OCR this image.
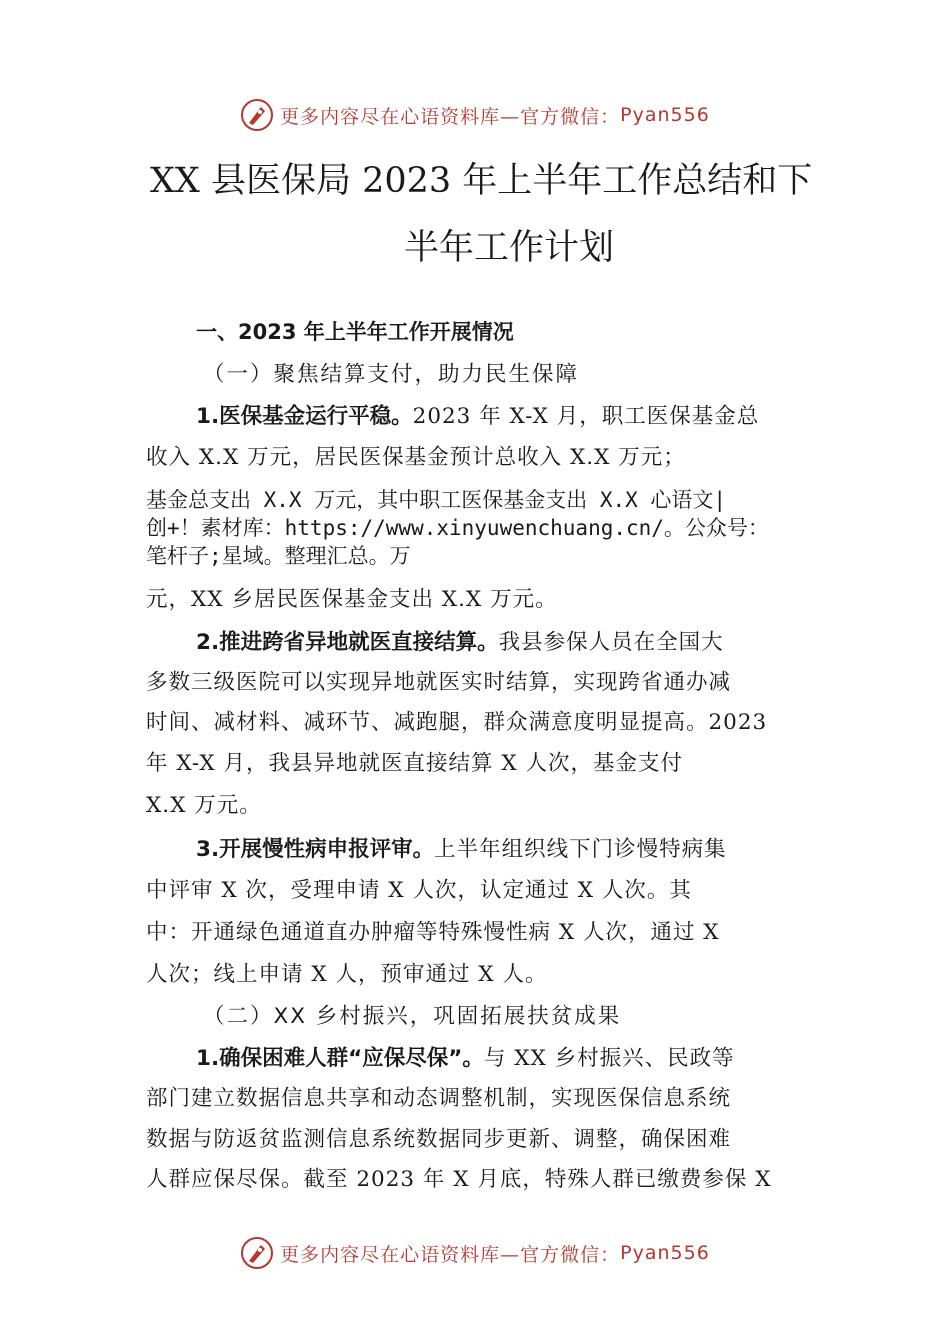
更多内容尽在心语资料库—官方微信： Pyan556
XX 县医保局 2023 年上半年工作总结和下
半年工作计划
一、2023 年上半年工作开展情况
（一）聚焦结算支付，助力民生保障
1.医保基金运行平稳。2023 年 X-X 月，职工医保基金总
收入 X.X 万元，居民医保基金预计总收入 X.X 万元；
基金总支出 X.X 万元，其中职工医保基金支出 X.X 心语文|
创+！素材库：https://www.xinyuwenchuang.cn/。公众号：
笔杆子;星域。整理汇总。万
元，XX 乡居民医保基金支出 X.X 万元。
2.推进跨省异地就医直接结算。我县参保人员在全国大
多数三级医院可以实现异地就医实时结算，实现跨省通办减
时间、减材料、减环节、减跑腿，群众满意度明显提高。2023
年 X-X 月，我县异地就医直接结算 X 人次，基金支付
X.X 万元。
3.开展慢性病申报评审。上半年组织线下门诊慢特病集
中评审 X 次，受理申请 X 人次，认定通过 X 人次。其
中：开通绿色通道直办肿瘤等特殊慢性病 X 人次，通过 X
人次；线上申请 X 人，预审通过 X 人。
（二）XX 乡村振兴，巩固拓展扶贫成果
1.确保困难人群“应保尽保”。与 XX 乡村振兴、民政等
部门建立数据信息共享和动态调整机制，实现医保信息系统
数据与防返贫监测信息系统数据同步更新、调整，确保困难
人群应保尽保。截至 2023 年 X 月底，特殊人群已缴费参保 X
更多内容尽在心语资料库—官方微信： Pyan556
